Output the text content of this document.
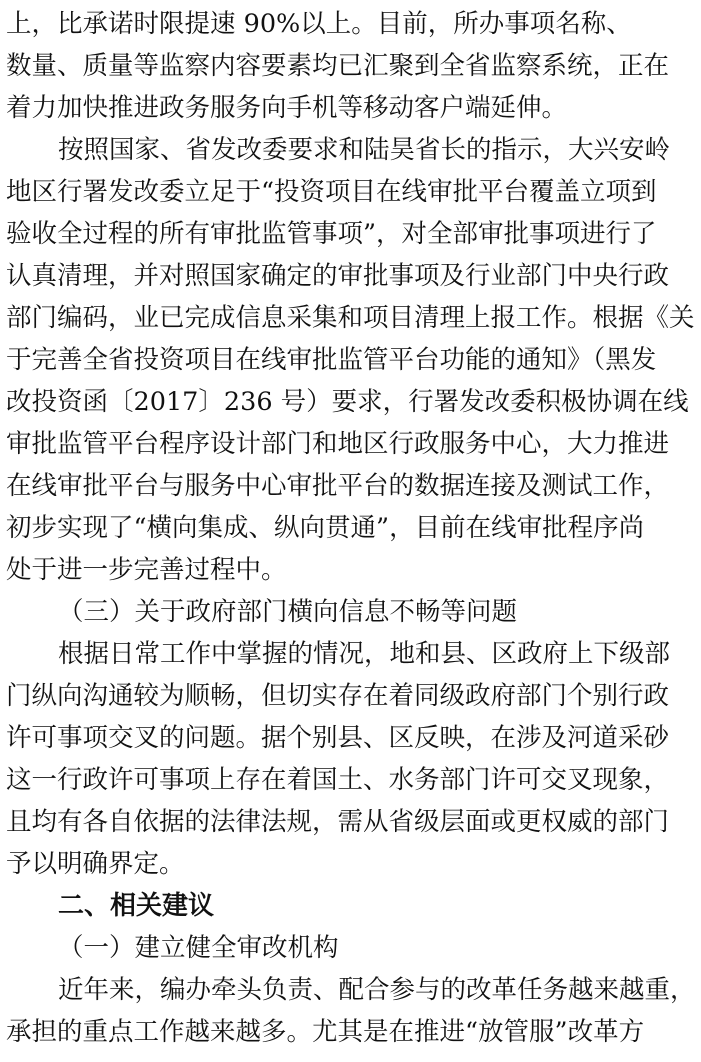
上，比承诺时限提速 90%以上。目前，所办事项名称、
数量、质量等监察内容要素均已汇聚到全省监察系统，正在
着力加快推进政务服务向手机等移动客户端延伸。
按照国家、省发改委要求和陆昊省长的指示，大兴安岭
地区行署发改委立足于“投资项目在线审批平台覆盖立项到
验收全过程的所有审批监管事项”，对全部审批事项进行了
认真清理，并对照国家确定的审批事项及行业部门中央行政
部门编码，业已完成信息采集和项目清理上报工作。根据《关
于完善全省投资项目在线审批监管平台功能的通知》（黑发
改投资函〔2017〕236 号）要求，行署发改委积极协调在线
审批监管平台程序设计部门和地区行政服务中心，大力推进
在线审批平台与服务中心审批平台的数据连接及测试工作，
初步实现了“横向集成、纵向贯通”，目前在线审批程序尚
处于进一步完善过程中。
（三）关于政府部门横向信息不畅等问题
根据日常工作中掌握的情况，地和县、区政府上下级部
门纵向沟通较为顺畅，但切实存在着同级政府部门个别行政
许可事项交叉的问题。据个别县、区反映，在涉及河道采砂
这一行政许可事项上存在着国土、水务部门许可交叉现象，
且均有各自依据的法律法规，需从省级层面或更权威的部门
予以明确界定。
二、相关建议
（一）建立健全审改机构
近年来，编办牵头负责、配合参与的改革任务越来越重，
承担的重点工作越来越多。尤其是在推进“放管服”改革方
